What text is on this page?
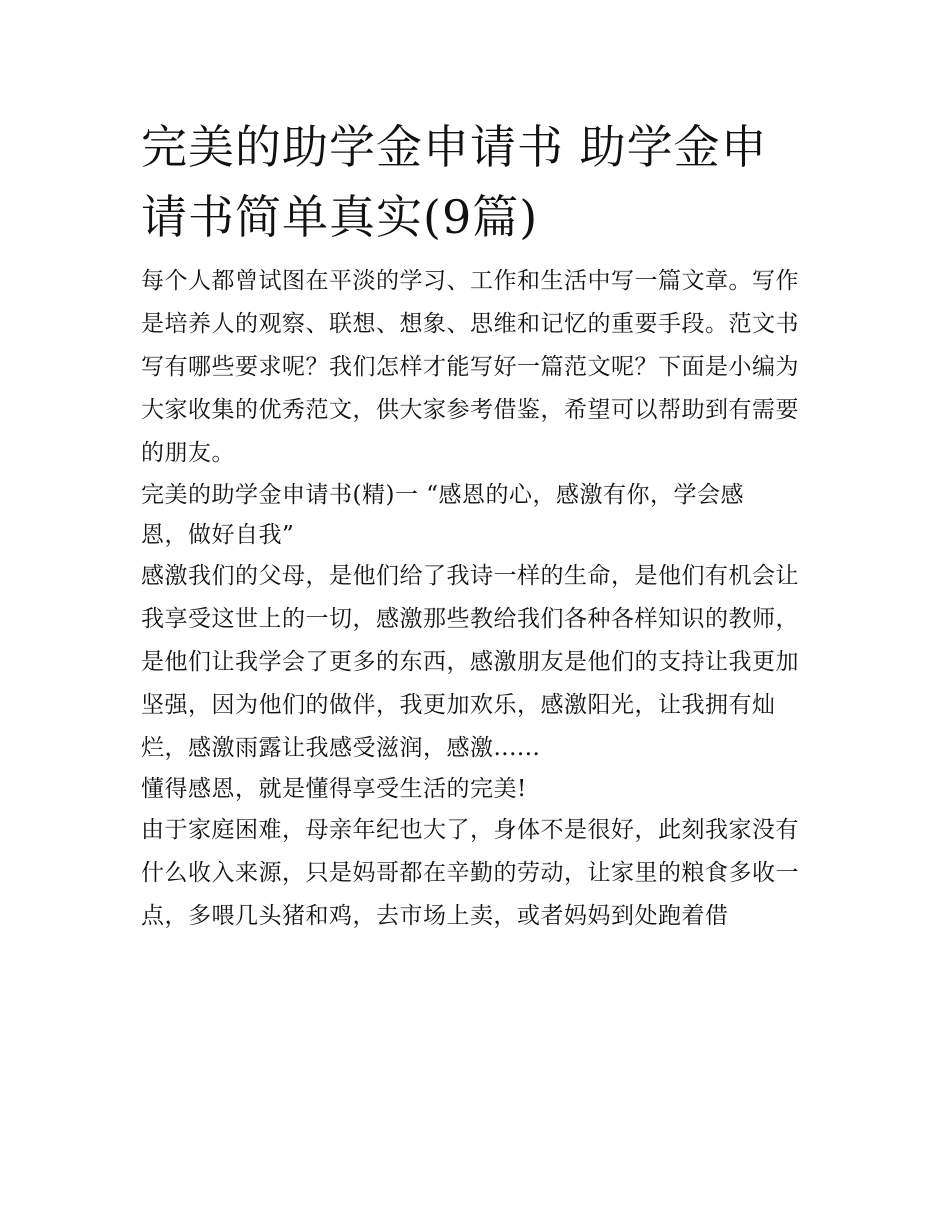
完美的助学金申请书 助学金申请书简单真实(9篇)

每个人都曾试图在平淡的学习、工作和生活中写一篇文章。写作是培养人的观察、联想、想象、思维和记忆的重要手段。范文书写有哪些要求呢？我们怎样才能写好一篇范文呢？下面是小编为大家收集的优秀范文，供大家参考借鉴，希望可以帮助到有需要的朋友。

完美的助学金申请书(精)一 “感恩的心，感激有你，学会感恩，做好自我”

感激我们的父母，是他们给了我诗一样的生命，是他们有机会让我享受这世上的一切，感激那些教给我们各种各样知识的教师，是他们让我学会了更多的东西，感激朋友是他们的支持让我更加坚强，因为他们的做伴，我更加欢乐，感激阳光，让我拥有灿烂，感激雨露让我感受滋润，感激......

懂得感恩，就是懂得享受生活的完美!

由于家庭困难，母亲年纪也大了，身体不是很好，此刻我家没有什么收入来源，只是妈哥都在辛勤的劳动，让家里的粮食多收一点，多喂几头猪和鸡，去市场上卖，或者妈妈到处跑着借
